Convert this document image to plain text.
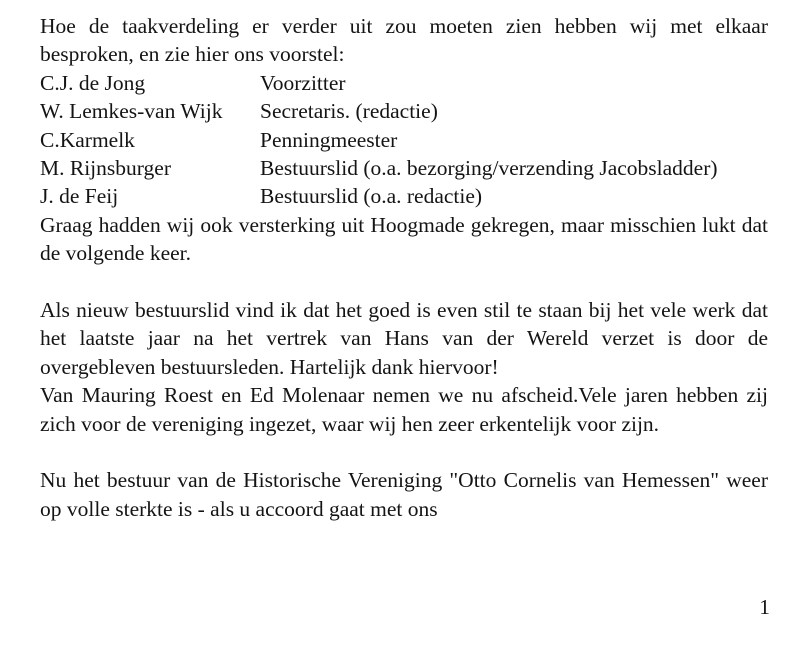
Hoe de taakverdeling er verder uit zou moeten zien hebben wij met elkaar besproken, en zie hier ons voorstel:

C.J. de Jong	Voorzitter
W. Lemkes-van Wijk	Secretaris. (redactie)
C.Karmelk	Penningmeester
M. Rijnsburger	Bestuurslid (o.a. bezorging/verzending Jacobsladder)
J. de Feij	Bestuurslid (o.a. redactie)

Graag hadden wij ook versterking uit Hoogmade gekregen, maar misschien lukt dat de volgende keer.

Als nieuw bestuurslid vind ik dat het goed is even stil te staan bij het vele werk dat het laatste jaar na het vertrek van Hans van der Wereld verzet is door de overgebleven bestuursleden. Hartelijk dank hiervoor!

Van Mauring Roest en Ed Molenaar nemen we nu afscheid.Vele jaren hebben zij zich voor de vereniging ingezet, waar wij hen zeer erkentelijk voor zijn.

Nu het bestuur van de Historische Vereniging "Otto Cornelis van Hemessen" weer op volle sterkte is - als u accoord gaat met ons

1
